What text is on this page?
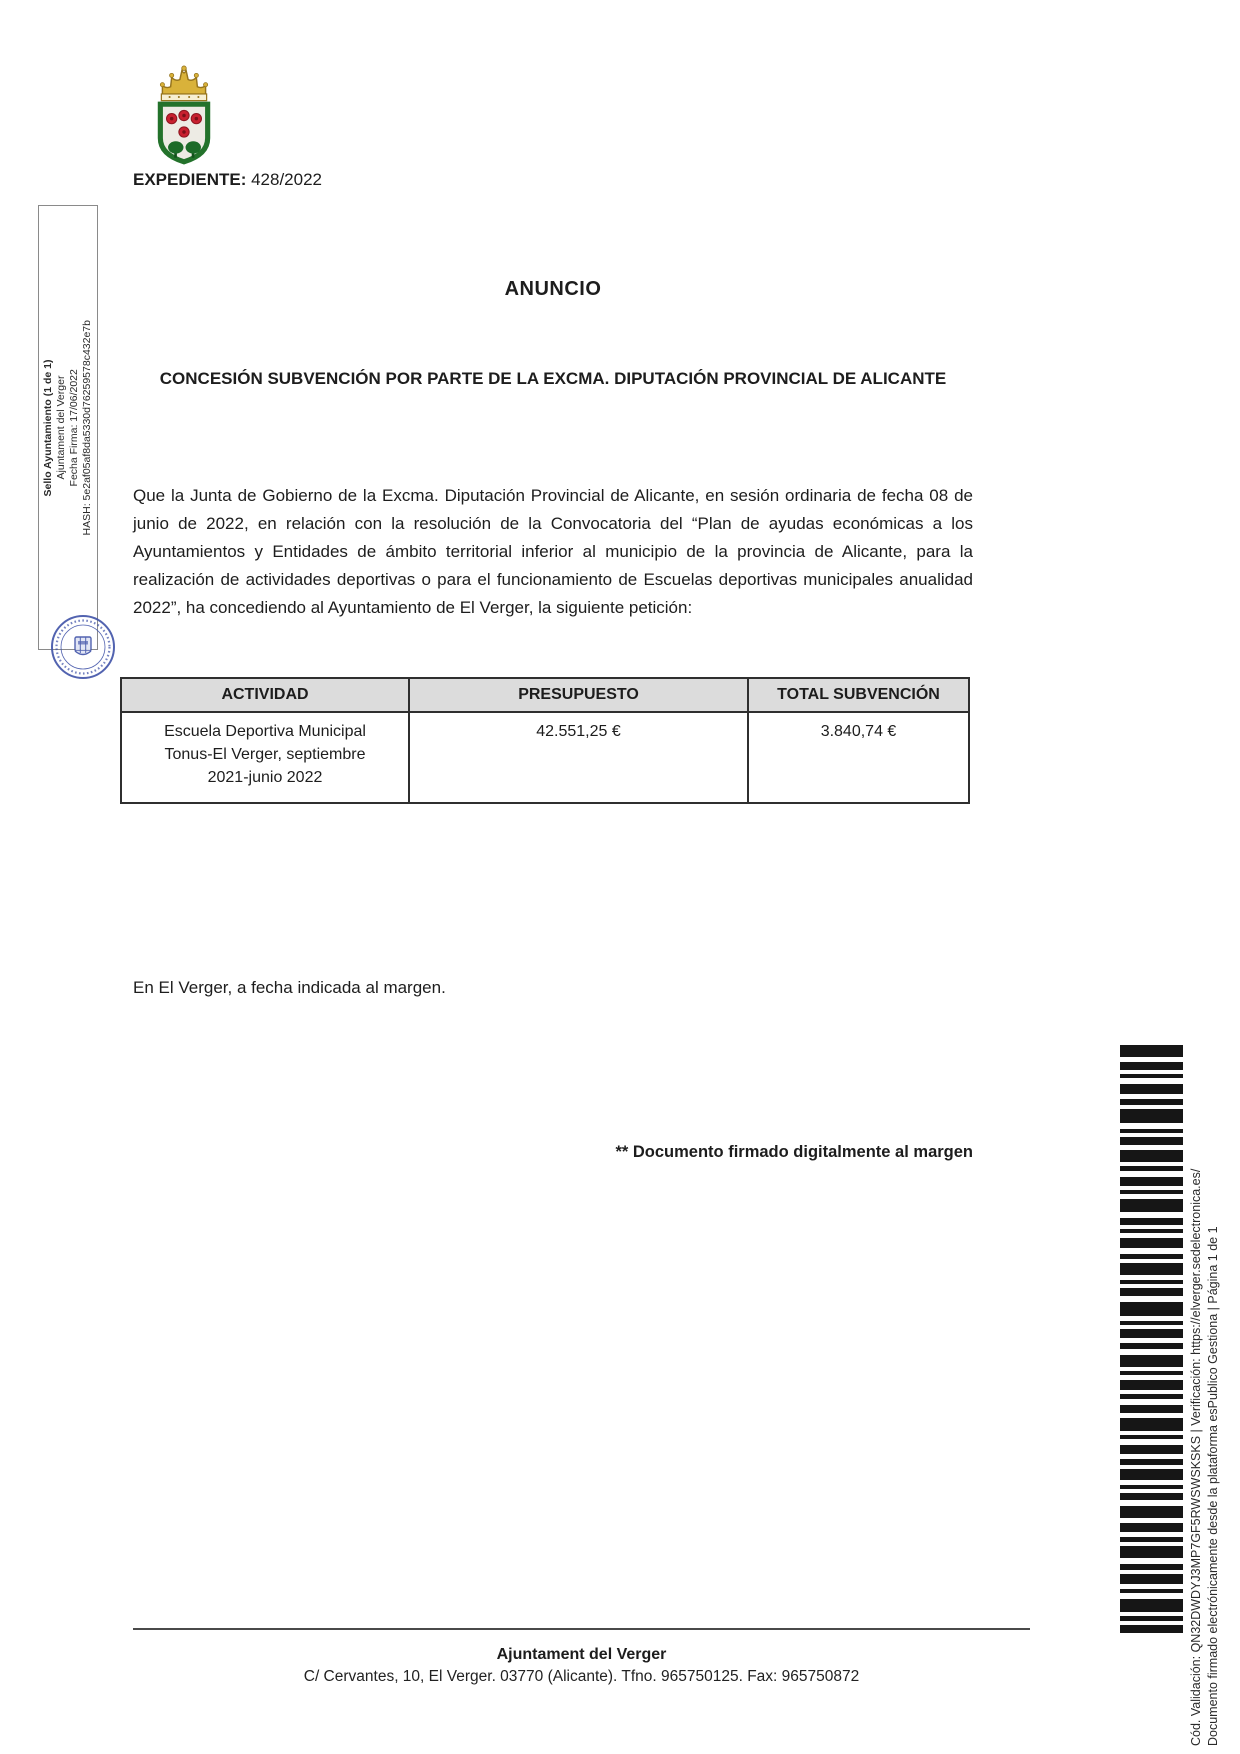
EXPEDIENTE: 428/2022
Sello Ayuntamiento (1 de 1) Ajuntament del Verger Fecha Firma: 17/06/2022 HASH: 5e2af05af8da5330d76259578c432e7b
ANUNCIO
CONCESIÓN SUBVENCIÓN POR PARTE DE LA EXCMA. DIPUTACIÓN PROVINCIAL DE ALICANTE
Que la Junta de Gobierno de la Excma. Diputación Provincial de Alicante, en sesión ordinaria de fecha 08 de junio de 2022, en relación con la resolución de la Convocatoria del “Plan de ayudas económicas a los Ayuntamientos y Entidades de ámbito territorial inferior al municipio de la provincia de Alicante, para la realización de actividades deportivas o para el funcionamiento de Escuelas deportivas municipales anualidad 2022”, ha concediendo al Ayuntamiento de El Verger, la siguiente petición:
ACTIVIDAD	PRESUPUESTO	TOTAL SUBVENCIÓN
Escuela Deportiva Municipal Tonus-El Verger, septiembre 2021-junio 2022	42.551,25 €	3.840,74 €
En El Verger, a fecha indicada al margen.
** Documento firmado digitalmente al margen
Cód. Validación: QN32DWDYJ3MP7GF5RWSWSKSKS | Verificación: https://elverger.sedelectronica.es/ Documento firmado electrónicamente desde la plataforma esPublico Gestiona | Página 1 de 1
Ajuntament del Verger
C/ Cervantes, 10, El Verger. 03770 (Alicante). Tfno. 965750125. Fax: 965750872
